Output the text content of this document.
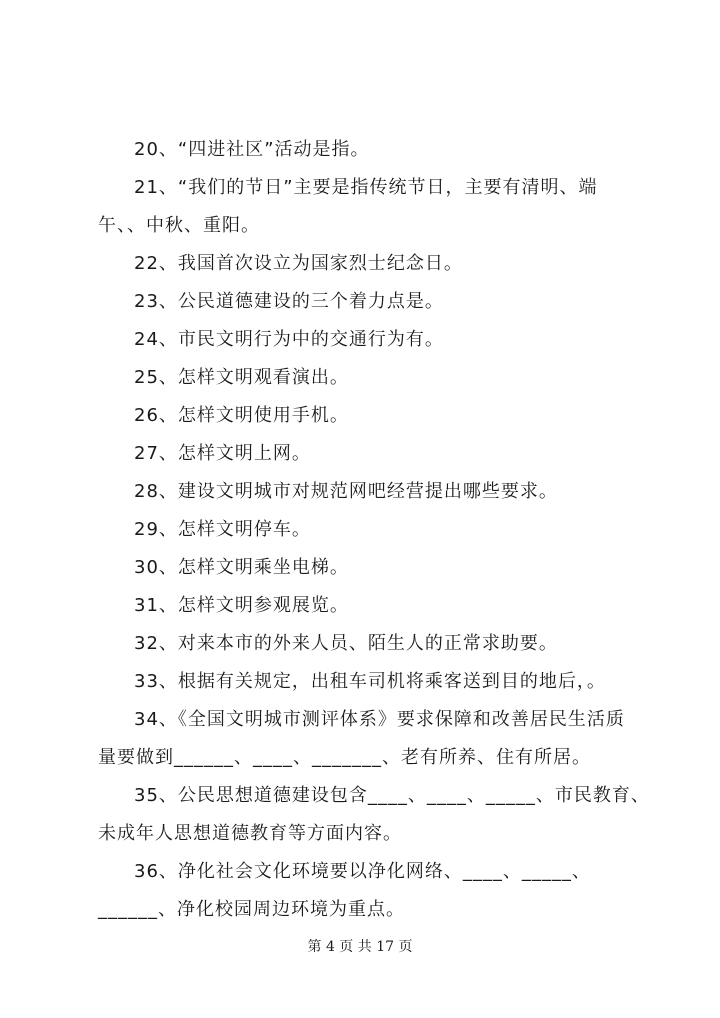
20、“四进社区”活动是指。
21、“我们的节日”主要是指传统节日，主要有清明、端
午、、中秋、重阳。
22、我国首次设立为国家烈士纪念日。
23、公民道德建设的三个着力点是。
24、市民文明行为中的交通行为有。
25、怎样文明观看演出。
26、怎样文明使用手机。
27、怎样文明上网。
28、建设文明城市对规范网吧经营提出哪些要求。
29、怎样文明停车。
30、怎样文明乘坐电梯。
31、怎样文明参观展览。
32、对来本市的外来人员、陌生人的正常求助要。
33、根据有关规定，出租车司机将乘客送到目的地后，。
34、《全国文明城市测评体系》要求保障和改善居民生活质
量要做到______、____、_______、老有所养、住有所居。
35、公民思想道德建设包含____、____、_____、市民教育、
未成年人思想道德教育等方面内容。
36、净化社会文化环境要以净化网络、____、_____、
______、净化校园周边环境为重点。
第 4 页 共 17 页
